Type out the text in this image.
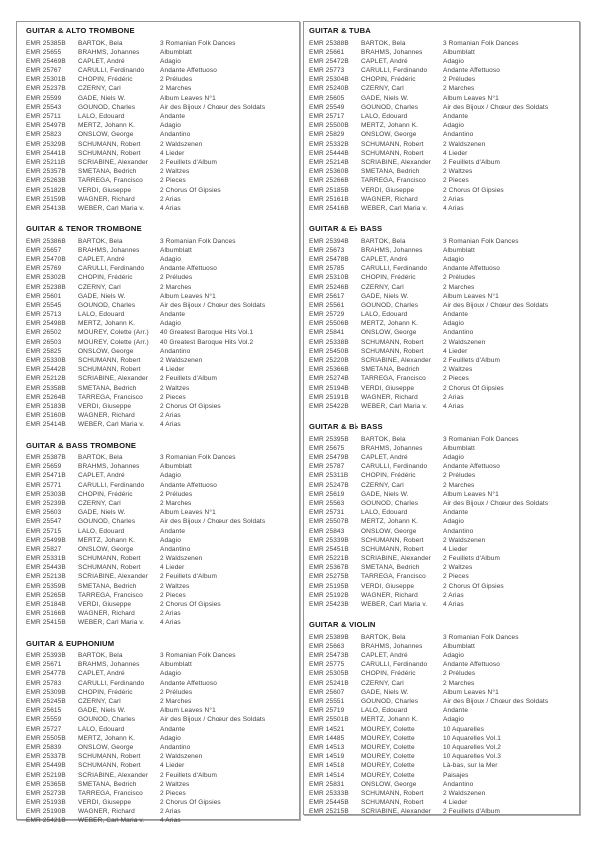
GUITAR & ALTO TROMBONE
EMR 25385B	BARTOK, Bela	3 Romanian Folk Dances
EMR 25655	BRAHMS, Johannes	Albumblatt
EMR 25469B	CAPLET, André	Adagio
EMR 25767	CARULLI, Ferdinando	Andante Affettuoso
EMR 25301B	CHOPIN, Frédéric	2 Préludes
EMR 25237B	CZERNY, Carl	2 Marches
EMR 25599	GADE, Niels W.	Album Leaves N°1
EMR 25543	GOUNOD, Charles	Air des Bijoux / Chœur des Soldats
EMR 25711	LALO, Edouard	Andante
EMR 25497B	MERTZ, Johann K.	Adagio
EMR 25823	ONSLOW, George	Andantino
EMR 25329B	SCHUMANN, Robert	2 Waldszenen
EMR 25441B	SCHUMANN, Robert	4 Lieder
EMR 25211B	SCRIABINE, Alexander	2 Feuillets d'Album
EMR 25357B	SMETANA, Bedrich	2 Waltzes
EMR 25263B	TARREGA, Francisco	2 Pieces
EMR 25182B	VERDI, Giuseppe	2 Chorus Of Gipsies
EMR 25159B	WAGNER, Richard	2 Arias
EMR 25413B	WEBER, Carl Maria v.	4 Arias
GUITAR & TENOR TROMBONE
EMR 25386B	BARTOK, Bela	3 Romanian Folk Dances
EMR 25657	BRAHMS, Johannes	Albumblatt
EMR 25470B	CAPLET, André	Adagio
EMR 25769	CARULLI, Ferdinando	Andante Affettuoso
EMR 25302B	CHOPIN, Frédéric	2 Préludes
EMR 25238B	CZERNY, Carl	2 Marches
EMR 25601	GADE, Niels W.	Album Leaves N°1
EMR 25545	GOUNOD, Charles	Air des Bijoux / Chœur des Soldats
EMR 25713	LALO, Edouard	Andante
EMR 25498B	MERTZ, Johann K.	Adagio
EMR 26502	MOUREY, Colette (Arr.)	40 Greatest Baroque Hits Vol.1
EMR 26503	MOUREY, Colette (Arr.)	40 Greatest Baroque Hits Vol.2
EMR 25825	ONSLOW, George	Andantino
EMR 25330B	SCHUMANN, Robert	2 Waldszenen
EMR 25442B	SCHUMANN, Robert	4 Lieder
EMR 25212B	SCRIABINE, Alexander	2 Feuillets d'Album
EMR 25358B	SMETANA, Bedrich	2 Waltzes
EMR 25264B	TARREGA, Francisco	2 Pieces
EMR 25183B	VERDI, Giuseppe	2 Chorus Of Gipsies
EMR 25160B	WAGNER, Richard	2 Arias
EMR 25414B	WEBER, Carl Maria v.	4 Arias
GUITAR & BASS TROMBONE
EMR 25387B	BARTOK, Bela	3 Romanian Folk Dances
EMR 25659	BRAHMS, Johannes	Albumblatt
EMR 25471B	CAPLET, André	Adagio
EMR 25771	CARULLI, Ferdinando	Andante Affettuoso
EMR 25303B	CHOPIN, Frédéric	2 Préludes
EMR 25239B	CZERNY, Carl	2 Marches
EMR 25603	GADE, Niels W.	Album Leaves N°1
EMR 25547	GOUNOD, Charles	Air des Bijoux / Chœur des Soldats
EMR 25715	LALO, Edouard	Andante
EMR 25499B	MERTZ, Johann K.	Adagio
EMR 25827	ONSLOW, George	Andantino
EMR 25331B	SCHUMANN, Robert	2 Waldszenen
EMR 25443B	SCHUMANN, Robert	4 Lieder
EMR 25213B	SCRIABINE, Alexander	2 Feuillets d'Album
EMR 25359B	SMETANA, Bedrich	2 Waltzes
EMR 25265B	TARREGA, Francisco	2 Pieces
EMR 25184B	VERDI, Giuseppe	2 Chorus Of Gipsies
EMR 25166B	WAGNER, Richard	2 Arias
EMR 25415B	WEBER, Carl Maria v.	4 Arias
GUITAR & EUPHONIUM
EMR 25393B	BARTOK, Bela	3 Romanian Folk Dances
EMR 25671	BRAHMS, Johannes	Albumblatt
EMR 25477B	CAPLET, André	Adagio
EMR 25783	CARULLI, Ferdinando	Andante Affettuoso
EMR 25309B	CHOPIN, Frédéric	2 Préludes
EMR 25245B	CZERNY, Carl	2 Marches
EMR 25615	GADE, Niels W.	Album Leaves N°1
EMR 25559	GOUNOD, Charles	Air des Bijoux / Chœur des Soldats
EMR 25727	LALO, Edouard	Andante
EMR 25505B	MERTZ, Johann K.	Adagio
EMR 25839	ONSLOW, George	Andantino
EMR 25337B	SCHUMANN, Robert	2 Waldszenen
EMR 25449B	SCHUMANN, Robert	4 Lieder
EMR 25219B	SCRIABINE, Alexander	2 Feuillets d'Album
EMR 25365B	SMETANA, Bedrich	2 Waltzes
EMR 25273B	TARREGA, Francisco	2 Pieces
EMR 25193B	VERDI, Giuseppe	2 Chorus Of Gipsies
EMR 25190B	WAGNER, Richard	2 Arias
EMR 25421B	WEBER, Carl Maria v.	4 Arias
GUITAR & TUBA
EMR 25388B	BARTOK, Bela	3 Romanian Folk Dances
EMR 25661	BRAHMS, Johannes	Albumblatt
EMR 25472B	CAPLET, André	Adagio
EMR 25773	CARULLI, Ferdinando	Andante Affettuoso
EMR 25304B	CHOPIN, Frédéric	2 Préludes
EMR 25240B	CZERNY, Carl	2 Marches
EMR 25605	GADE, Niels W.	Album Leaves N°1
EMR 25549	GOUNOD, Charles	Air des Bijoux / Chœur des Soldats
EMR 25717	LALO, Edouard	Andante
EMR 25500B	MERTZ, Johann K.	Adagio
EMR 25829	ONSLOW, George	Andantino
EMR 25332B	SCHUMANN, Robert	2 Waldszenen
EMR 25444B	SCHUMANN, Robert	4 Lieder
EMR 25214B	SCRIABINE, Alexander	2 Feuillets d'Album
EMR 25360B	SMETANA, Bedrich	2 Waltzes
EMR 25266B	TARREGA, Francisco	2 Pieces
EMR 25185B	VERDI, Giuseppe	2 Chorus Of Gipsies
EMR 25161B	WAGNER, Richard	2 Arias
EMR 25416B	WEBER, Carl Maria v.	4 Arias
GUITAR & E♭ BASS
EMR 25394B	BARTOK, Bela	3 Romanian Folk Dances
EMR 25673	BRAHMS, Johannes	Albumblatt
EMR 25478B	CAPLET, André	Adagio
EMR 25785	CARULLI, Ferdinando	Andante Affettuoso
EMR 25310B	CHOPIN, Frédéric	2 Préludes
EMR 25246B	CZERNY, Carl	2 Marches
EMR 25617	GADE, Niels W.	Album Leaves N°1
EMR 25561	GOUNOD, Charles	Air des Bijoux / Chœur des Soldats
EMR 25729	LALO, Edouard	Andante
EMR 25506B	MERTZ, Johann K.	Adagio
EMR 25841	ONSLOW, George	Andantino
EMR 25338B	SCHUMANN, Robert	2 Waldszenen
EMR 25450B	SCHUMANN, Robert	4 Lieder
EMR 25220B	SCRIABINE, Alexander	2 Feuillets d'Album
EMR 25366B	SMETANA, Bedrich	2 Waltzes
EMR 25274B	TARREGA, Francisco	2 Pieces
EMR 25194B	VERDI, Giuseppe	2 Chorus Of Gipsies
EMR 25191B	WAGNER, Richard	2 Arias
EMR 25422B	WEBER, Carl Maria v.	4 Arias
GUITAR & B♭ BASS
EMR 25395B	BARTOK, Bela	3 Romanian Folk Dances
EMR 25675	BRAHMS, Johannes	Albumblatt
EMR 25479B	CAPLET, André	Adagio
EMR 25787	CARULLI, Ferdinando	Andante Affettuoso
EMR 25311B	CHOPIN, Frédéric	2 Préludes
EMR 25247B	CZERNY, Carl	2 Marches
EMR 25619	GADE, Niels W.	Album Leaves N°1
EMR 25563	GOUNOD, Charles	Air des Bijoux / Chœur des Soldats
EMR 25731	LALO, Edouard	Andante
EMR 25507B	MERTZ, Johann K.	Adagio
EMR 25843	ONSLOW, George	Andantino
EMR 25339B	SCHUMANN, Robert	2 Waldszenen
EMR 25451B	SCHUMANN, Robert	4 Lieder
EMR 25221B	SCRIABINE, Alexander	2 Feuillets d'Album
EMR 25367B	SMETANA, Bedrich	2 Waltzes
EMR 25275B	TARREGA, Francisco	2 Pieces
EMR 25195B	VERDI, Giuseppe	2 Chorus Of Gipsies
EMR 25192B	WAGNER, Richard	2 Arias
EMR 25423B	WEBER, Carl Maria v.	4 Arias
GUITAR & VIOLIN
EMR 25389B	BARTOK, Bela	3 Romanian Folk Dances
EMR 25663	BRAHMS, Johannes	Albumblatt
EMR 25473B	CAPLET, André	Adagio
EMR 25775	CARULLI, Ferdinando	Andante Affettuoso
EMR 25305B	CHOPIN, Frédéric	2 Préludes
EMR 25241B	CZERNY, Carl	2 Marches
EMR 25607	GADE, Niels W.	Album Leaves N°1
EMR 25551	GOUNOD, Charles	Air des Bijoux / Chœur des Soldats
EMR 25719	LALO, Edouard	Andante
EMR 25501B	MERTZ, Johann K.	Adagio
EMR 14521	MOUREY, Colette	10 Aquarelles
EMR 14485	MOUREY, Colette	10 Aquarelles Vol.1
EMR 14513	MOUREY, Colette	10 Aquarelles Vol.2
EMR 14519	MOUREY, Colette	10 Aquarelles Vol.3
EMR 14518	MOUREY, Colette	Là-bas, sur la Mer
EMR 14514	MOUREY, Colette	Paisajes
EMR 25831	ONSLOW, George	Andantino
EMR 25333B	SCHUMANN, Robert	2 Waldszenen
EMR 25445B	SCHUMANN, Robert	4 Lieder
EMR 25215B	SCRIABINE, Alexander	2 Feuillets d'Album
